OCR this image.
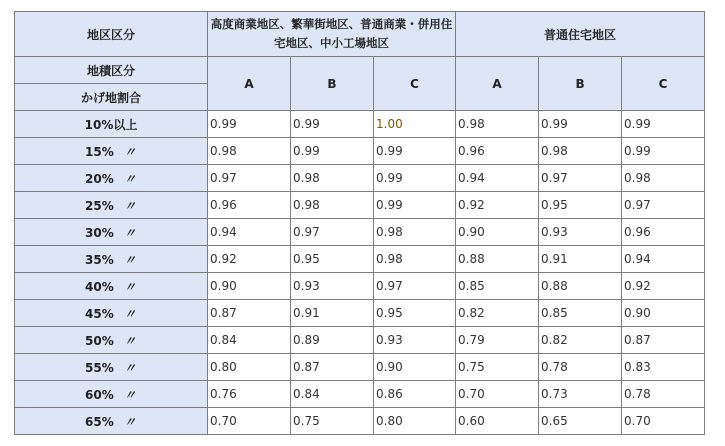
地区区分	高度商業地区、繁華街地区、普通商業・併用住宅地区、中小工場地区			普通住宅地区		
地積区分	A	B	C	A	B	C
かげ地割合						
10%以上	0.99	0.99	1.00	0.98	0.99	0.99
15% 〃	0.98	0.99	0.99	0.96	0.98	0.99
20% 〃	0.97	0.98	0.99	0.94	0.97	0.98
25% 〃	0.96	0.98	0.99	0.92	0.95	0.97
30% 〃	0.94	0.97	0.98	0.90	0.93	0.96
35% 〃	0.92	0.95	0.98	0.88	0.91	0.94
40% 〃	0.90	0.93	0.97	0.85	0.88	0.92
45% 〃	0.87	0.91	0.95	0.82	0.85	0.90
50% 〃	0.84	0.89	0.93	0.79	0.82	0.87
55% 〃	0.80	0.87	0.90	0.75	0.78	0.83
60% 〃	0.76	0.84	0.86	0.70	0.73	0.78
65% 〃	0.70	0.75	0.80	0.60	0.65	0.70
